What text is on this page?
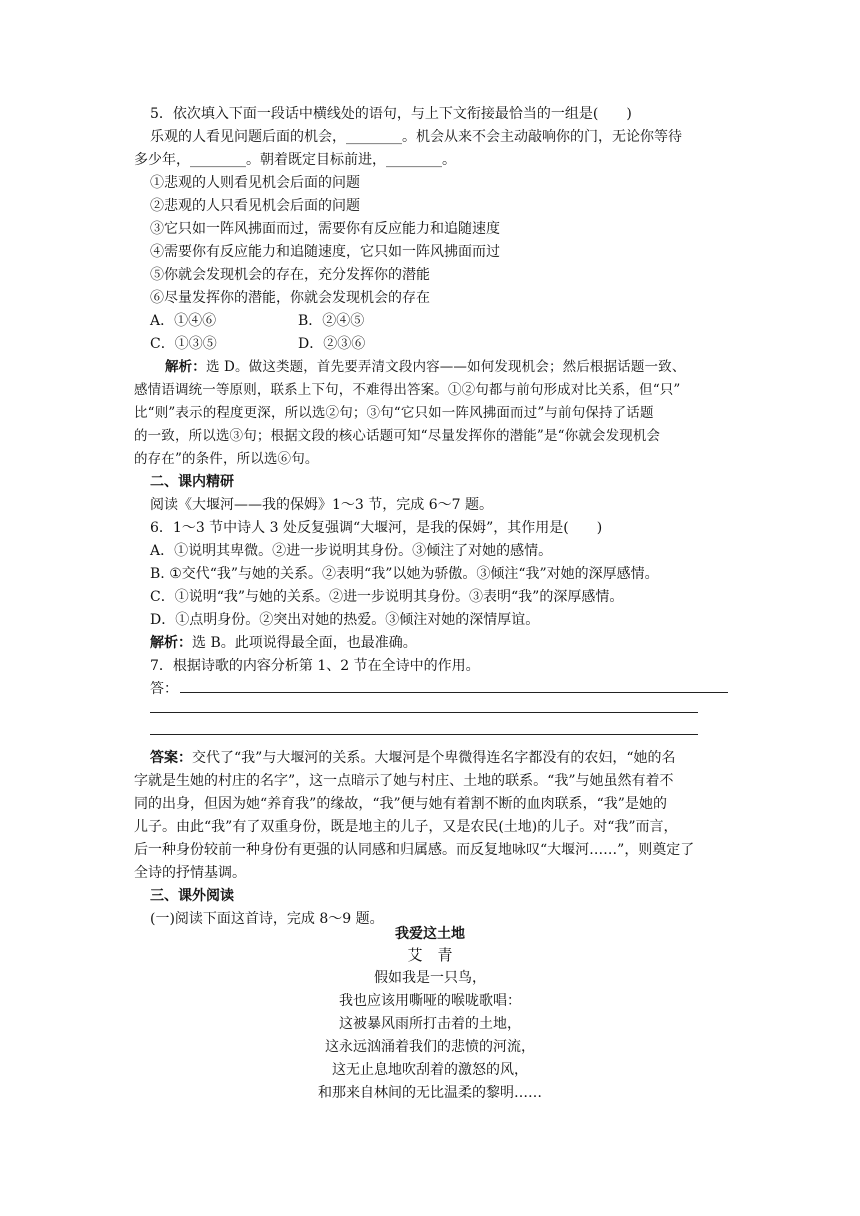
5．依次填入下面一段话中横线处的语句，与上下文衔接最恰当的一组是(　　)
乐观的人看见问题后面的机会，________。机会从来不会主动敲响你的门，无论你等待
多少年，________。朝着既定目标前进，________。
①悲观的人则看见机会后面的问题
②悲观的人只看见机会后面的问题
③它只如一阵风拂面而过，需要你有反应能力和追随速度
④需要你有反应能力和追随速度，它只如一阵风拂面而过
⑤你就会发现机会的存在，充分发挥你的潜能
⑥尽量发挥你的潜能，你就会发现机会的存在
A．①④⑥	B．②④⑤
C．①③⑤	D．②③⑥
解析：选 D。做这类题，首先要弄清文段内容——如何发现机会；然后根据话题一致、
感情语调统一等原则，联系上下句，不难得出答案。①②句都与前句形成对比关系，但“只”
比“则”表示的程度更深，所以选②句；③句“它只如一阵风拂面而过”与前句保持了话题
的一致，所以选③句；根据文段的核心话题可知“尽量发挥你的潜能”是“你就会发现机会
的存在”的条件，所以选⑥句。
二、课内精研
阅读《大堰河——我的保姆》1～3 节，完成 6～7 题。
6．1～3 节中诗人 3 处反复强调“大堰河，是我的保姆”，其作用是(　　)
A．①说明其卑微。②进一步说明其身份。③倾注了对她的感情。
B. ①交代“我”与她的关系。②表明“我”以她为骄傲。③倾注“我”对她的深厚感情。
C．①说明“我”与她的关系。②进一步说明其身份。③表明“我”的深厚感情。
D．①点明身份。②突出对她的热爱。③倾注对她的深情厚谊。
解析：选 B。此项说得最全面，也最准确。
7．根据诗歌的内容分析第 1、2 节在全诗中的作用。
答：
答案：交代了“我”与大堰河的关系。大堰河是个卑微得连名字都没有的农妇，“她的名
字就是生她的村庄的名字”，这一点暗示了她与村庄、土地的联系。“我”与她虽然有着不
同的出身，但因为她“养育我”的缘故，“我”便与她有着割不断的血肉联系，“我”是她的
儿子。由此“我”有了双重身份，既是地主的儿子，又是农民(土地)的儿子。对“我”而言，
后一种身份较前一种身份有更强的认同感和归属感。而反复地咏叹“大堰河……”，则奠定了
全诗的抒情基调。
三、课外阅读
(一)阅读下面这首诗，完成 8～9 题。
我爱这土地
艾　青
假如我是一只鸟，
我也应该用嘶哑的喉咙歌唱：
这被暴风雨所打击着的土地，
这永远汹涌着我们的悲愤的河流，
这无止息地吹刮着的激怒的风，
和那来自林间的无比温柔的黎明……
